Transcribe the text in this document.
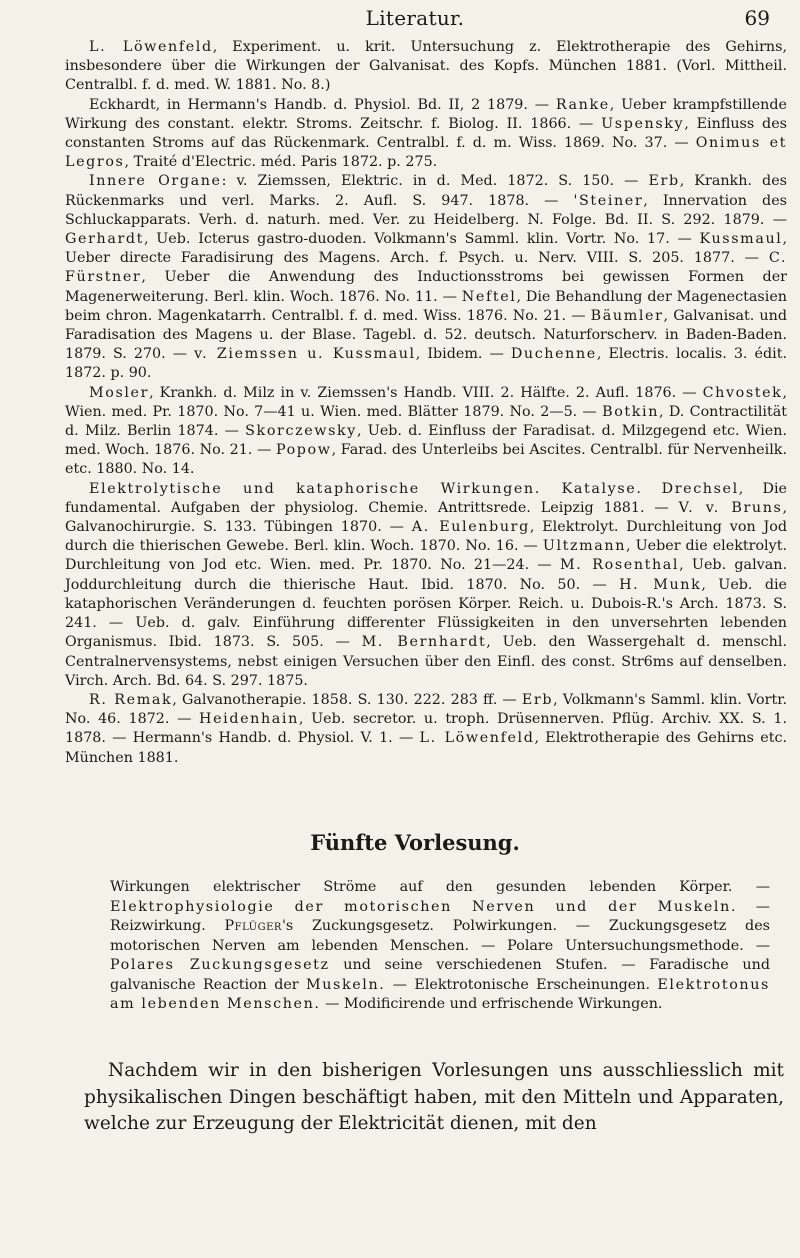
Literatur.	69

L. Löwenfeld, Experiment. u. krit. Untersuchung z. Elektrotherapie des Gehirns, insbesondere über die Wirkungen der Galvanisat. des Kopfs. München 1881. (Vorl. Mittheil. Centralbl. f. d. med. W. 1881. No. 8.)

Eckhardt, in Hermann's Handb. d. Physiol. Bd. II, 2 1879. — Ranke, Ueber krampfstillende Wirkung des constant. elektr. Stroms. Zeitschr. f. Biolog. II. 1866. — Uspensky, Einfluss des constanten Stroms auf das Rückenmark. Centralbl. f. d. m. Wiss. 1869. No. 37. — Onimus et Legros, Traité d'Electric. méd. Paris 1872. p. 275.

Innere Organe: v. Ziemssen, Elektric. in d. Med. 1872. S. 150. — Erb, Krankh. des Rückenmarks und verl. Marks. 2. Aufl. S. 947. 1878. — 'Steiner, Innervation des Schluckapparats. Verh. d. naturh. med. Ver. zu Heidelberg. N. Folge. Bd. II. S. 292. 1879. — Gerhardt, Ueb. Icterus gastro-duoden. Volkmann's Samml. klin. Vortr. No. 17. — Kussmaul, Ueber directe Faradisirung des Magens. Arch. f. Psych. u. Nerv. VIII. S. 205. 1877. — C. Fürstner, Ueber die Anwendung des Inductionsstroms bei gewissen Formen der Magenerweiterung. Berl. klin. Woch. 1876. No. 11. — Neftel, Die Behandlung der Magenectasien beim chron. Magenkatarrh. Centralbl. f. d. med. Wiss. 1876. No. 21. — Bäumler, Galvanisat. und Faradisation des Magens u. der Blase. Tagebl. d. 52. deutsch. Naturforscherv. in Baden-Baden. 1879. S. 270. — v. Ziemssen u. Kussmaul, Ibidem. — Duchenne, Electris. localis. 3. édit. 1872. p. 90.

Mosler, Krankh. d. Milz in v. Ziemssen's Handb. VIII. 2. Hälfte. 2. Aufl. 1876. — Chvostek, Wien. med. Pr. 1870. No. 7—41 u. Wien. med. Blätter 1879. No. 2—5. — Botkin, D. Contractilität d. Milz. Berlin 1874. — Skorczewsky, Ueb. d. Einfluss der Faradisat. d. Milzgegend etc. Wien. med. Woch. 1876. No. 21. — Popow, Farad. des Unterleibs bei Ascites. Centralbl. für Nervenheilk. etc. 1880. No. 14.

Elektrolytische und kataphorische Wirkungen. Katalyse. Drechsel, Die fundamental. Aufgaben der physiolog. Chemie. Antrittsrede. Leipzig 1881. — V. v. Bruns, Galvanochirurgie. S. 133. Tübingen 1870. — A. Eulenburg, Elektrolyt. Durchleitung von Jod durch die thierischen Gewebe. Berl. klin. Woch. 1870. No. 16. — Ultzmann, Ueber die elektrolyt. Durchleitung von Jod etc. Wien. med. Pr. 1870. No. 21—24. — M. Rosenthal, Ueb. galvan. Joddurchleitung durch die thierische Haut. Ibid. 1870. No. 50. — H. Munk, Ueb. die kataphorischen Veränderungen d. feuchten porösen Körper. Reich. u. Dubois-R.'s Arch. 1873. S. 241. — Ueb. d. galv. Einführung differenter Flüssigkeiten in den unversehrten lebenden Organismus. Ibid. 1873. S. 505. — M. Bernhardt, Ueb. den Wassergehalt d. menschl. Centralnervensystems, nebst einigen Versuchen über den Einfl. des const. Str6ms auf denselben. Virch. Arch. Bd. 64. S. 297. 1875.

R. Remak, Galvanotherapie. 1858. S. 130. 222. 283 ff. — Erb, Volkmann's Samml. klin. Vortr. No. 46. 1872. — Heidenhain, Ueb. secretor. u. troph. Drüsennerven. Pflüg. Archiv. XX. S. 1. 1878. — Hermann's Handb. d. Physiol. V. 1. — L. Löwenfeld, Elektrotherapie des Gehirns etc. München 1881.

Fünfte Vorlesung.

Wirkungen elektrischer Ströme auf den gesunden lebenden Körper. — Elektrophysiologie der motorischen Nerven und der Muskeln. — Reizwirkung. Pflüger's Zuckungsgesetz. Polwirkungen. — Zuckungsgesetz des motorischen Nerven am lebenden Menschen. — Polare Untersuchungsmethode. — Polares Zuckungsgesetz und seine verschiedenen Stufen. — Faradische und galvanische Reaction der Muskeln. — Elektrotonische Erscheinungen. Elektrotonus am lebenden Menschen. — Modificirende und erfrischende Wirkungen.

Nachdem wir in den bisherigen Vorlesungen uns ausschliesslich mit physikalischen Dingen beschäftigt haben, mit den Mitteln und Apparaten, welche zur Erzeugung der Elektricität dienen, mit den
